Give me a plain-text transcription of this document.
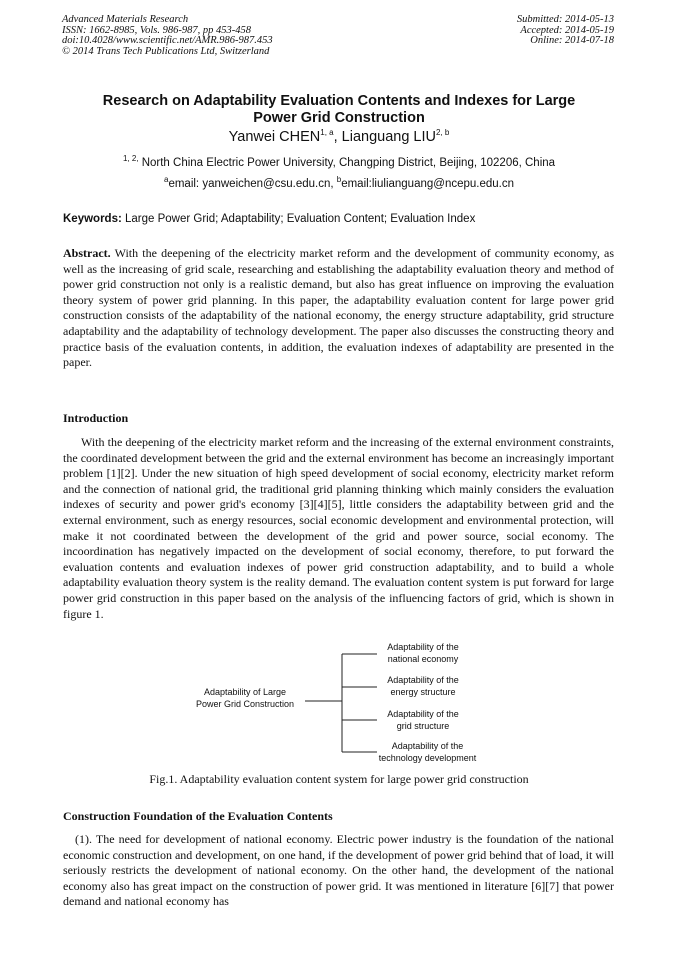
Advanced Materials Research
ISSN: 1662-8985, Vols. 986-987, pp 453-458
doi:10.4028/www.scientific.net/AMR.986-987.453
© 2014 Trans Tech Publications Ltd, Switzerland
Submitted: 2014-05-13
Accepted: 2014-05-19
Online: 2014-07-18
Research on Adaptability Evaluation Contents and Indexes for Large
Power Grid Construction
Yanwei CHEN$^{1, a}$, Lianguang LIU$^{2, b}$
$^{1, 2,}$ North China Electric Power University, Changping District, Beijing, 102206, China
$^a$email: yanweichen@csu.edu.cn, $^b$email:liulianguang@ncepu.edu.cn
Keywords: Large Power Grid; Adaptability; Evaluation Content; Evaluation Index
Abstract. With the deepening of the electricity market reform and the development of community economy, as well as the increasing of grid scale, researching and establishing the adaptability evaluation theory and method of power grid construction not only is a realistic demand, but also has great influence on improving the evaluation theory system of power grid planning. In this paper, the adaptability evaluation content for large power grid construction consists of the adaptability of the national economy, the energy structure adaptability, grid structure adaptability and the adaptability of technology development. The paper also discusses the constructing theory and practice basis of the evaluation contents, in addition, the evaluation indexes of adaptability are presented in the paper.
Introduction
With the deepening of the electricity market reform and the increasing of the external environment constraints, the coordinated development between the grid and the external environment has become an increasingly important problem [1][2]. Under the new situation of high speed development of social economy, electricity market reform and the connection of national grid, the traditional grid planning thinking which mainly considers the evaluation indexes of security and power grid's economy [3][4][5], little considers the adaptability between grid and the external environment, such as energy resources, social economic development and environmental protection, will make it not coordinated between the development of the grid and power source, social economy. The incoordination has negatively impacted on the development of social economy, therefore, to put forward the evaluation contents and evaluation indexes of power grid construction adaptability, and to build a whole adaptability evaluation theory system is the reality demand. The evaluation content system is put forward for large power grid construction in this paper based on the analysis of the influencing factors of grid, which is shown in figure 1.
Adaptability of Large
Power Grid Construction
Adaptability of the
national economy
Adaptability of the
energy structure
Adaptability of the
grid structure
Adaptability of the
technology development
Fig.1. Adaptability evaluation content system for large power grid construction
Construction Foundation of the Evaluation Contents
(1). The need for development of national economy. Electric power industry is the foundation of the national economic construction and development, on one hand, if the development of power grid behind that of load, it will seriously restricts the development of national economy. On the other hand, the development of the national economy also has great impact on the construction of power grid. It was mentioned in literature [6][7] that power demand and national economy has
